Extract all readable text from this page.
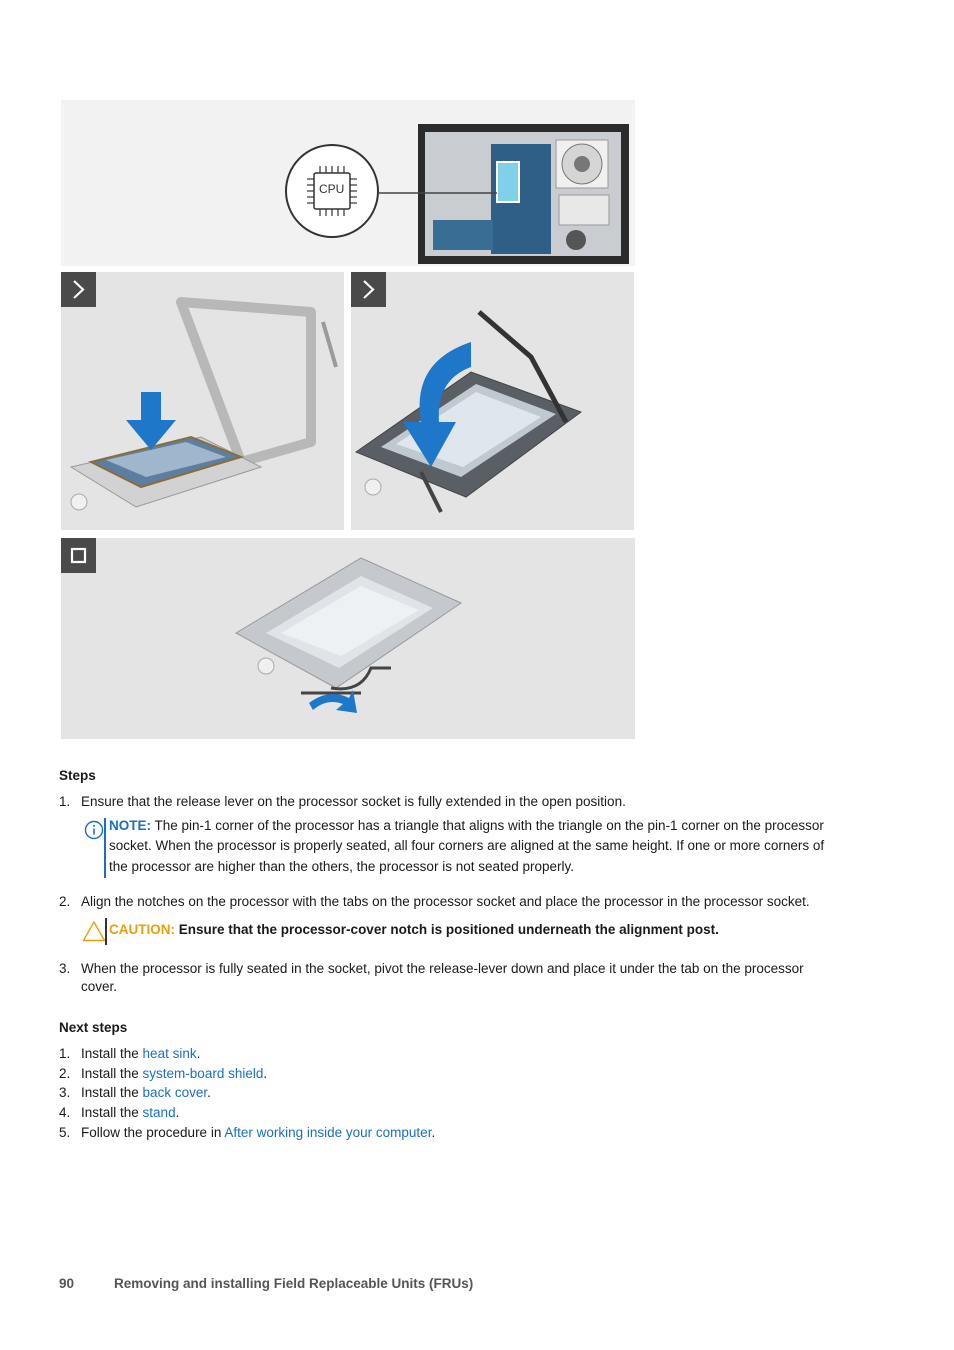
CPU
Steps
1. Ensure that the release lever on the processor socket is fully extended in the open position.
NOTE: The pin-1 corner of the processor has a triangle that aligns with the triangle on the pin-1 corner on the processor
socket. When the processor is properly seated, all four corners are aligned at the same height. If one or more corners of
the processor are higher than the others, the processor is not seated properly.
2. Align the notches on the processor with the tabs on the processor socket and place the processor in the processor socket.
CAUTION: Ensure that the processor-cover notch is positioned underneath the alignment post.
3. When the processor is fully seated in the socket, pivot the release-lever down and place it under the tab on the processor
cover.
Next steps
1. Install the heat sink.
2. Install the system-board shield.
3. Install the back cover.
4. Install the stand.
5. Follow the procedure in After working inside your computer.
90	Removing and installing Field Replaceable Units (FRUs)
